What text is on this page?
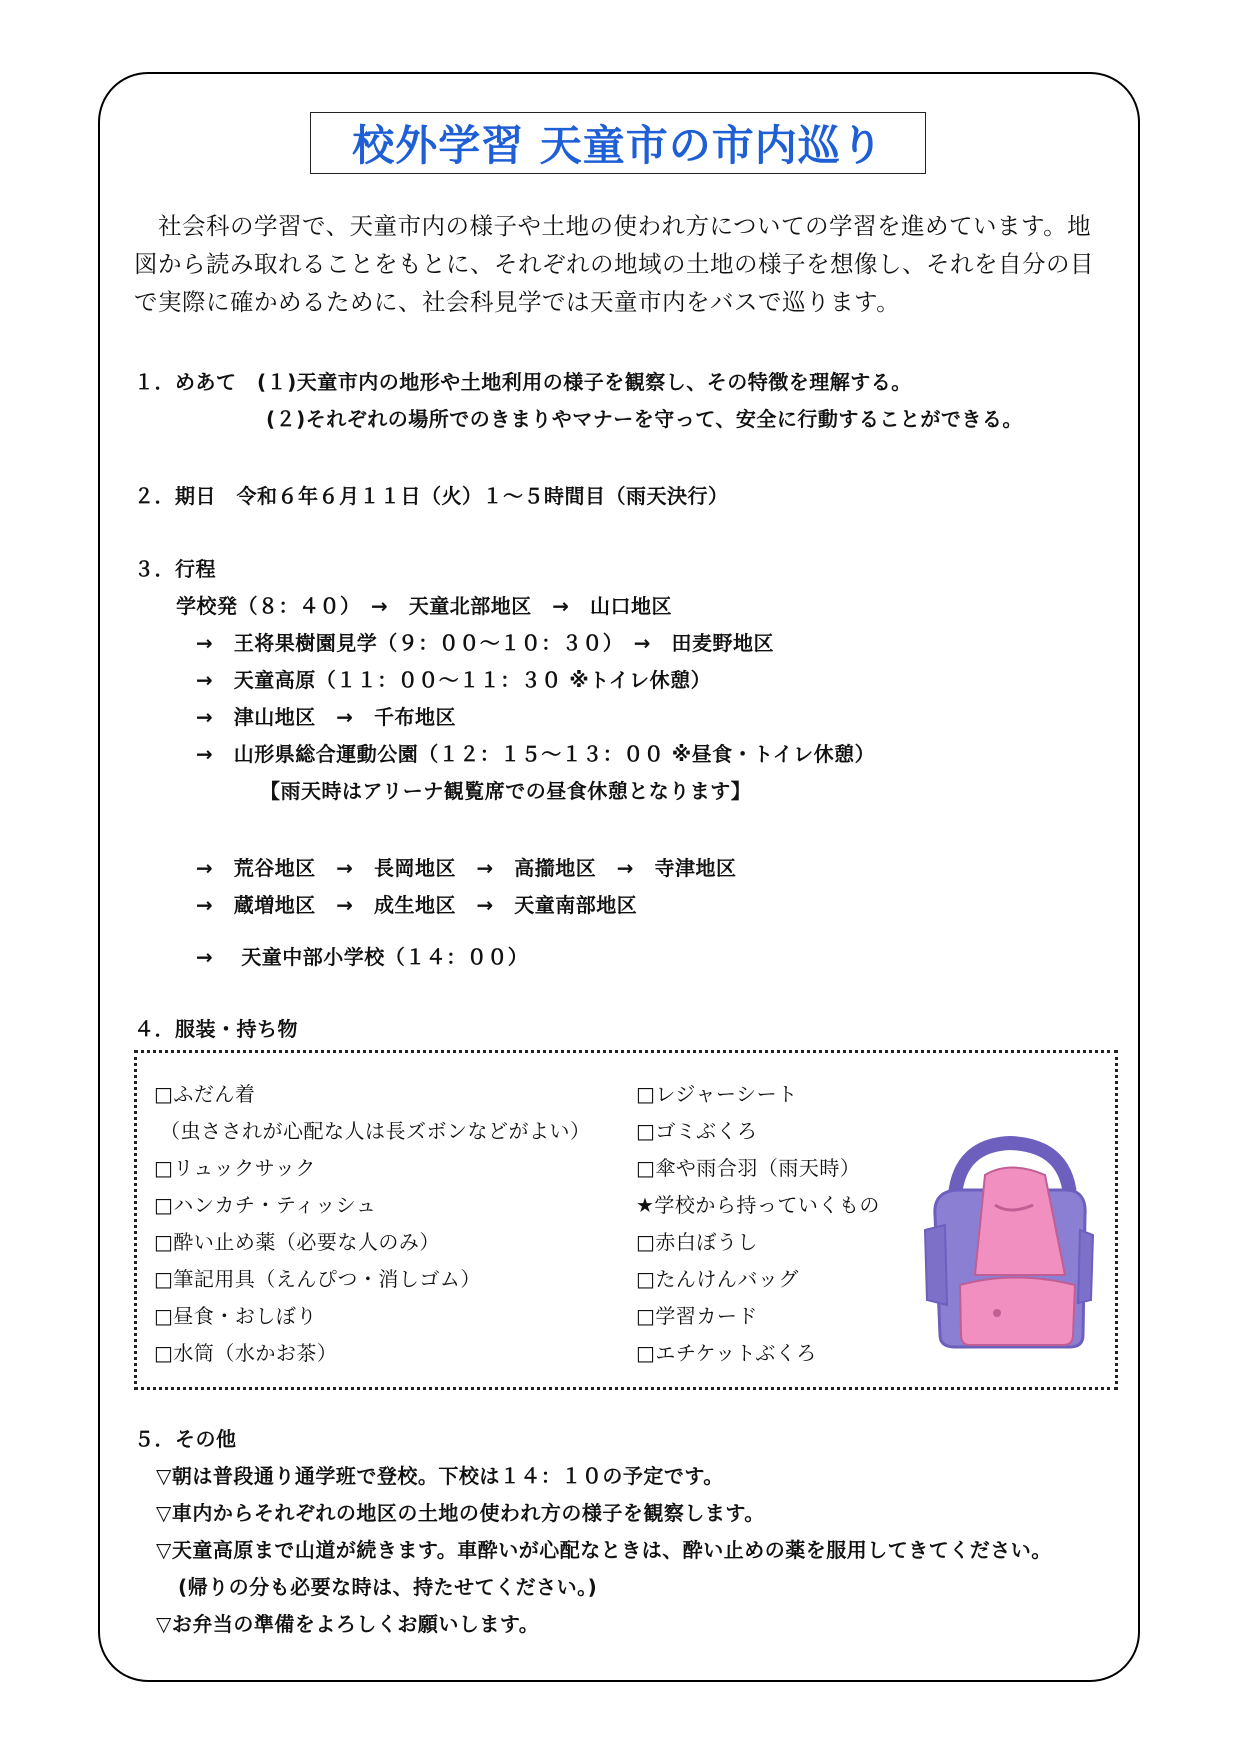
校外学習 天童市の市内巡り

　社会科の学習で、天童市内の様子や土地の使われ方についての学習を進めています。地

図から読み取れることをもとに、それぞれの地域の土地の様子を想像し、それを自分の目

で実際に確かめるために、社会科見学では天童市内をバスで巡ります。

１．めあて　(１)天童市内の地形や土地利用の様子を観察し、その特徴を理解する。
(２)それぞれの場所でのきまりやマナーを守って、安全に行動することができる。
２．期日　令和６年６月１１日（火）１～５時間目（雨天決行）
３．行程
学校発（８：４０）　→　天童北部地区　→　山口地区
→　王将果樹園見学（９：００～１０：３０）　→　田麦野地区
→　天童高原（１１：００～１１：３０ ※トイレ休憩）
→　津山地区　→　千布地区
→　山形県総合運動公園（１２：１５～１３：００ ※昼食・トイレ休憩）
【雨天時はアリーナ観覧席での昼食休憩となります】
→　荒谷地区　→　長岡地区　→　高擶地区　→　寺津地区
→　蔵増地区　→　成生地区　→　天童南部地区
→　 天童中部小学校（１４：００）
４．服装・持ち物
□ふだん着
（虫さされが心配な人は長ズボンなどがよい）
□リュックサック
□ハンカチ・ティッシュ
□酔い止め薬（必要な人のみ）
□筆記用具（えんぴつ・消しゴム）
□昼食・おしぼり
□水筒（水かお茶）
□レジャーシート
□ゴミぶくろ
□傘や雨合羽（雨天時）
★学校から持っていくもの
□赤白ぼうし
□たんけんバッグ
□学習カード
□エチケットぶくろ
５．その他
▽朝は普段通り通学班で登校。下校は１４：１０の予定です。
▽車内からそれぞれの地区の土地の使われ方の様子を観察します。
▽天童高原まで山道が続きます。車酔いが心配なときは、酔い止めの薬を服用してきてください。
(帰りの分も必要な時は、持たせてください。)
▽お弁当の準備をよろしくお願いします。
